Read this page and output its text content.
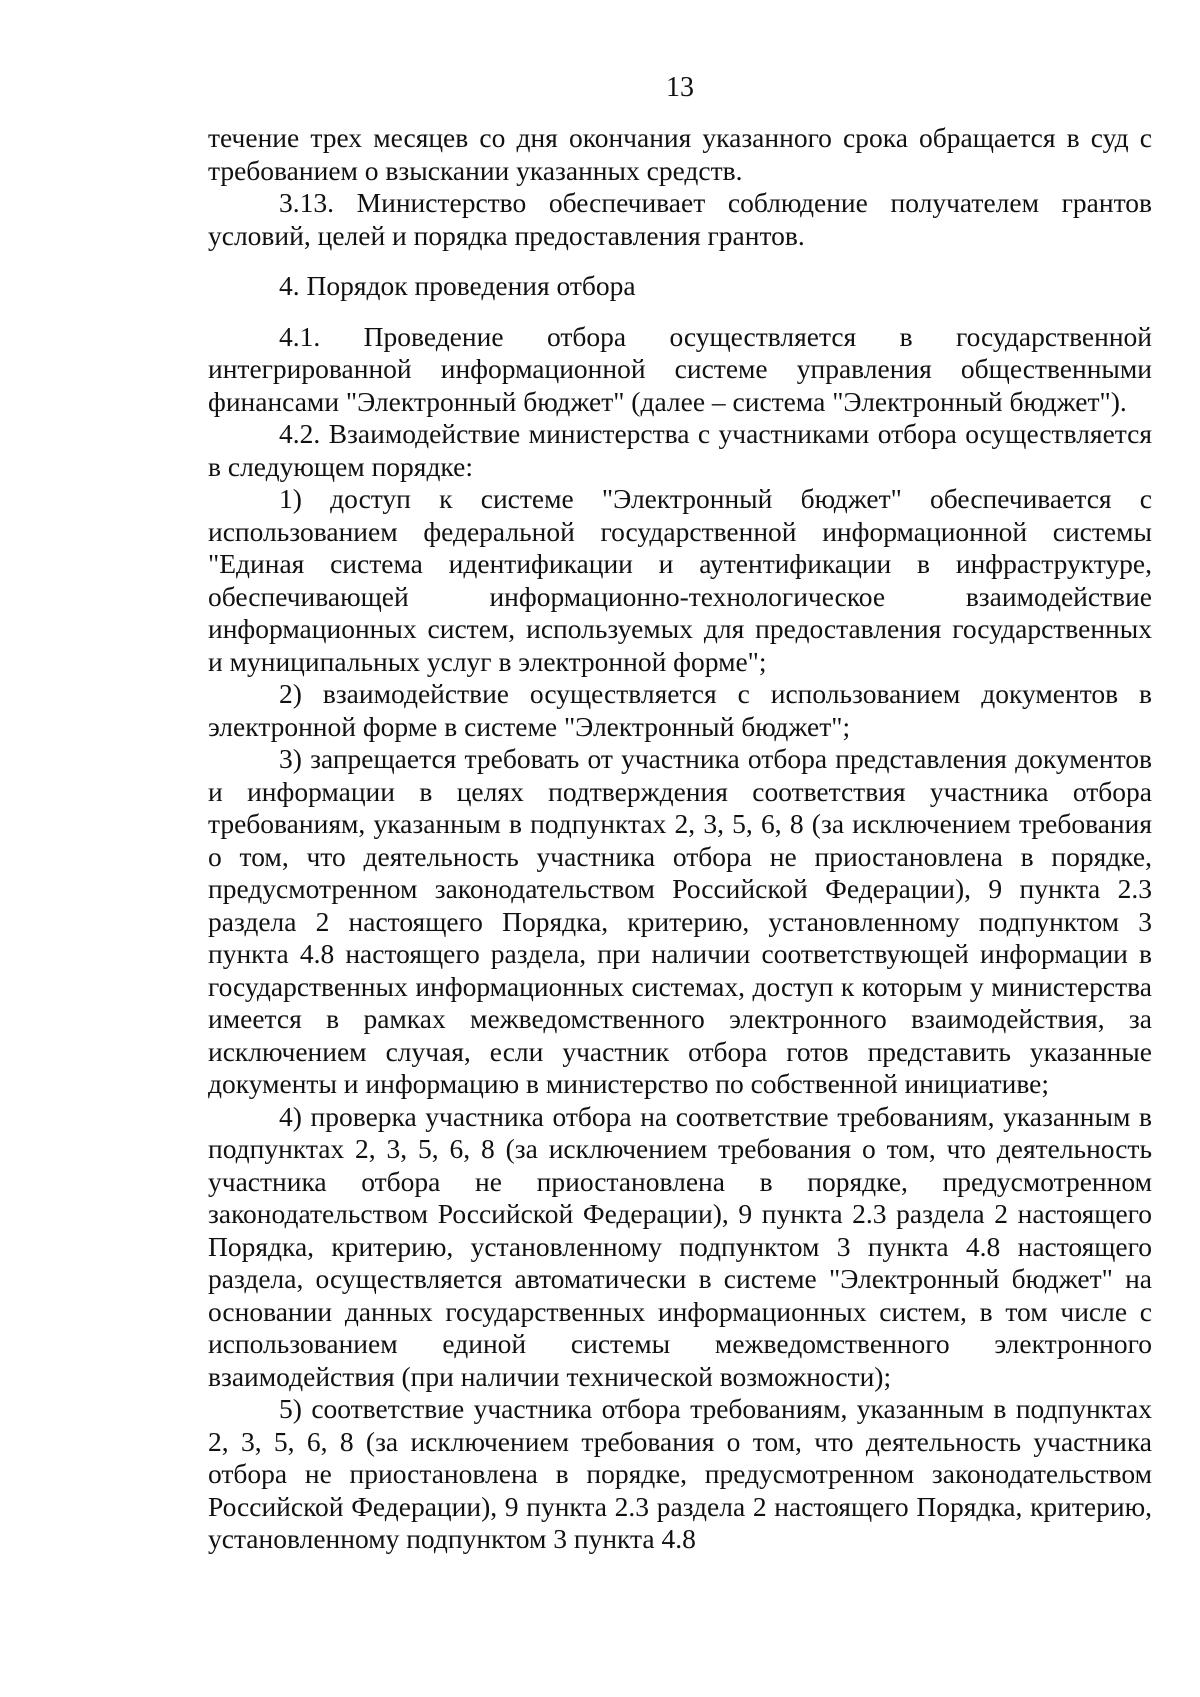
13

течение трех месяцев со дня окончания указанного срока обращается в суд с требованием о взыскании указанных средств.

3.13. Министерство обеспечивает соблюдение получателем грантов условий, целей и порядка предоставления грантов.

4. Порядок проведения отбора

4.1. Проведение отбора осуществляется в государственной интегрированной информационной системе управления общественными финансами "Электронный бюджет" (далее – система "Электронный бюджет").

4.2. Взаимодействие министерства с участниками отбора осуществляется в следующем порядке:

1) доступ к системе "Электронный бюджет" обеспечивается с использованием федеральной государственной информационной системы "Единая система идентификации и аутентификации в инфраструктуре, обеспечивающей информационно-технологическое взаимодействие информационных систем, используемых для предоставления государственных и муниципальных услуг в электронной форме";

2) взаимодействие осуществляется с использованием документов в электронной форме в системе "Электронный бюджет";

3) запрещается требовать от участника отбора представления документов и информации в целях подтверждения соответствия участника отбора требованиям, указанным в подпунктах 2, 3, 5, 6, 8 (за исключением требования о том, что деятельность участника отбора не приостановлена в порядке, предусмотренном законодательством Российской Федерации), 9 пункта 2.3 раздела 2 настоящего Порядка, критерию, установленному подпунктом 3 пункта 4.8 настоящего раздела, при наличии соответствующей информации в государственных информационных системах, доступ к которым у министерства имеется в рамках межведомственного электронного взаимодействия, за исключением случая, если участник отбора готов представить указанные документы и информацию в министерство по собственной инициативе;

4) проверка участника отбора на соответствие требованиям, указанным в подпунктах 2, 3, 5, 6, 8 (за исключением требования о том, что деятельность участника отбора не приостановлена в порядке, предусмотренном законодательством Российской Федерации), 9 пункта 2.3 раздела 2 настоящего Порядка, критерию, установленному подпунктом 3 пункта 4.8 настоящего раздела, осуществляется автоматически в системе "Электронный бюджет" на основании данных государственных информационных систем, в том числе с использованием единой системы межведомственного электронного взаимодействия (при наличии технической возможности);

5) соответствие участника отбора требованиям, указанным в подпунктах 2, 3, 5, 6, 8 (за исключением требования о том, что деятельность участника отбора не приостановлена в порядке, предусмотренном законодательством Российской Федерации), 9 пункта 2.3 раздела 2 настоящего Порядка, критерию, установленному подпунктом 3 пункта 4.8
